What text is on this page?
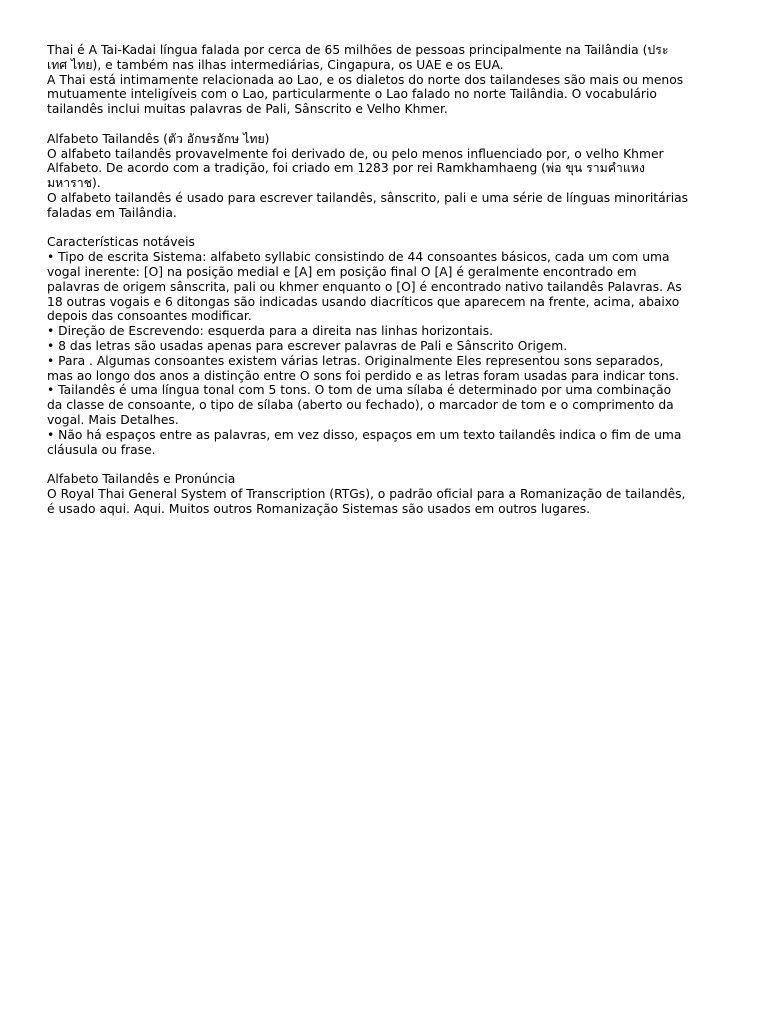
Thai é A Tai-Kadai língua falada por cerca de 65 milhões de pessoas principalmente na Tailândia (ประ
เทศ ไทย), e também nas ilhas intermediárias, Cingapura, os UAE e os EUA.
A Thai está intimamente relacionada ao Lao, e os dialetos do norte dos tailandeses são mais ou menos
mutuamente inteligíveis com o Lao, particularmente o Lao falado no norte Tailândia. O vocabulário
tailandês inclui muitas palavras de Pali, Sânscrito e Velho Khmer.
Alfabeto Tailandês (ตัว อักษรอักษ ไทย)
O alfabeto tailandês provavelmente foi derivado de, ou pelo menos influenciado por, o velho Khmer
Alfabeto. De acordo com a tradição, foi criado em 1283 por rei Ramkhamhaeng (พ่อ ขุน รามคำแหง
มหาราช).
O alfabeto tailandês é usado para escrever tailandês, sânscrito, pali e uma série de línguas minoritárias
faladas em Tailândia.
Características notáveis
• Tipo de escrita Sistema: alfabeto syllabic consistindo de 44 consoantes básicos, cada um com uma
vogal inerente: [O] na posição medial e [A] em posição final O [A] é geralmente encontrado em
palavras de origem sânscrita, pali ou khmer enquanto o [O] é encontrado nativo tailandês Palavras. As
18 outras vogais e 6 ditongas são indicadas usando diacríticos que aparecem na frente, acima, abaixo
depois das consoantes modificar.
• Direção de Escrevendo: esquerda para a direita nas linhas horizontais.
• 8 das letras são usadas apenas para escrever palavras de Pali e Sânscrito Origem.
• Para . Algumas consoantes existem várias letras. Originalmente Eles representou sons separados,
mas ao longo dos anos a distinção entre O sons foi perdido e as letras foram usadas para indicar tons.
• Tailandês é uma língua tonal com 5 tons. O tom de uma sílaba é determinado por uma combinação
da classe de consoante, o tipo de sílaba (aberto ou fechado), o marcador de tom e o comprimento da
vogal. Mais Detalhes.
• Não há espaços entre as palavras, em vez disso, espaços em um texto tailandês indica o fim de uma
cláusula ou frase.
Alfabeto Tailandês e Pronúncia
O Royal Thai General System of Transcription (RTGs), o padrão oficial para a Romanização de tailandês,
é usado aqui. Aqui. Muitos outros Romanização Sistemas são usados em outros lugares.
